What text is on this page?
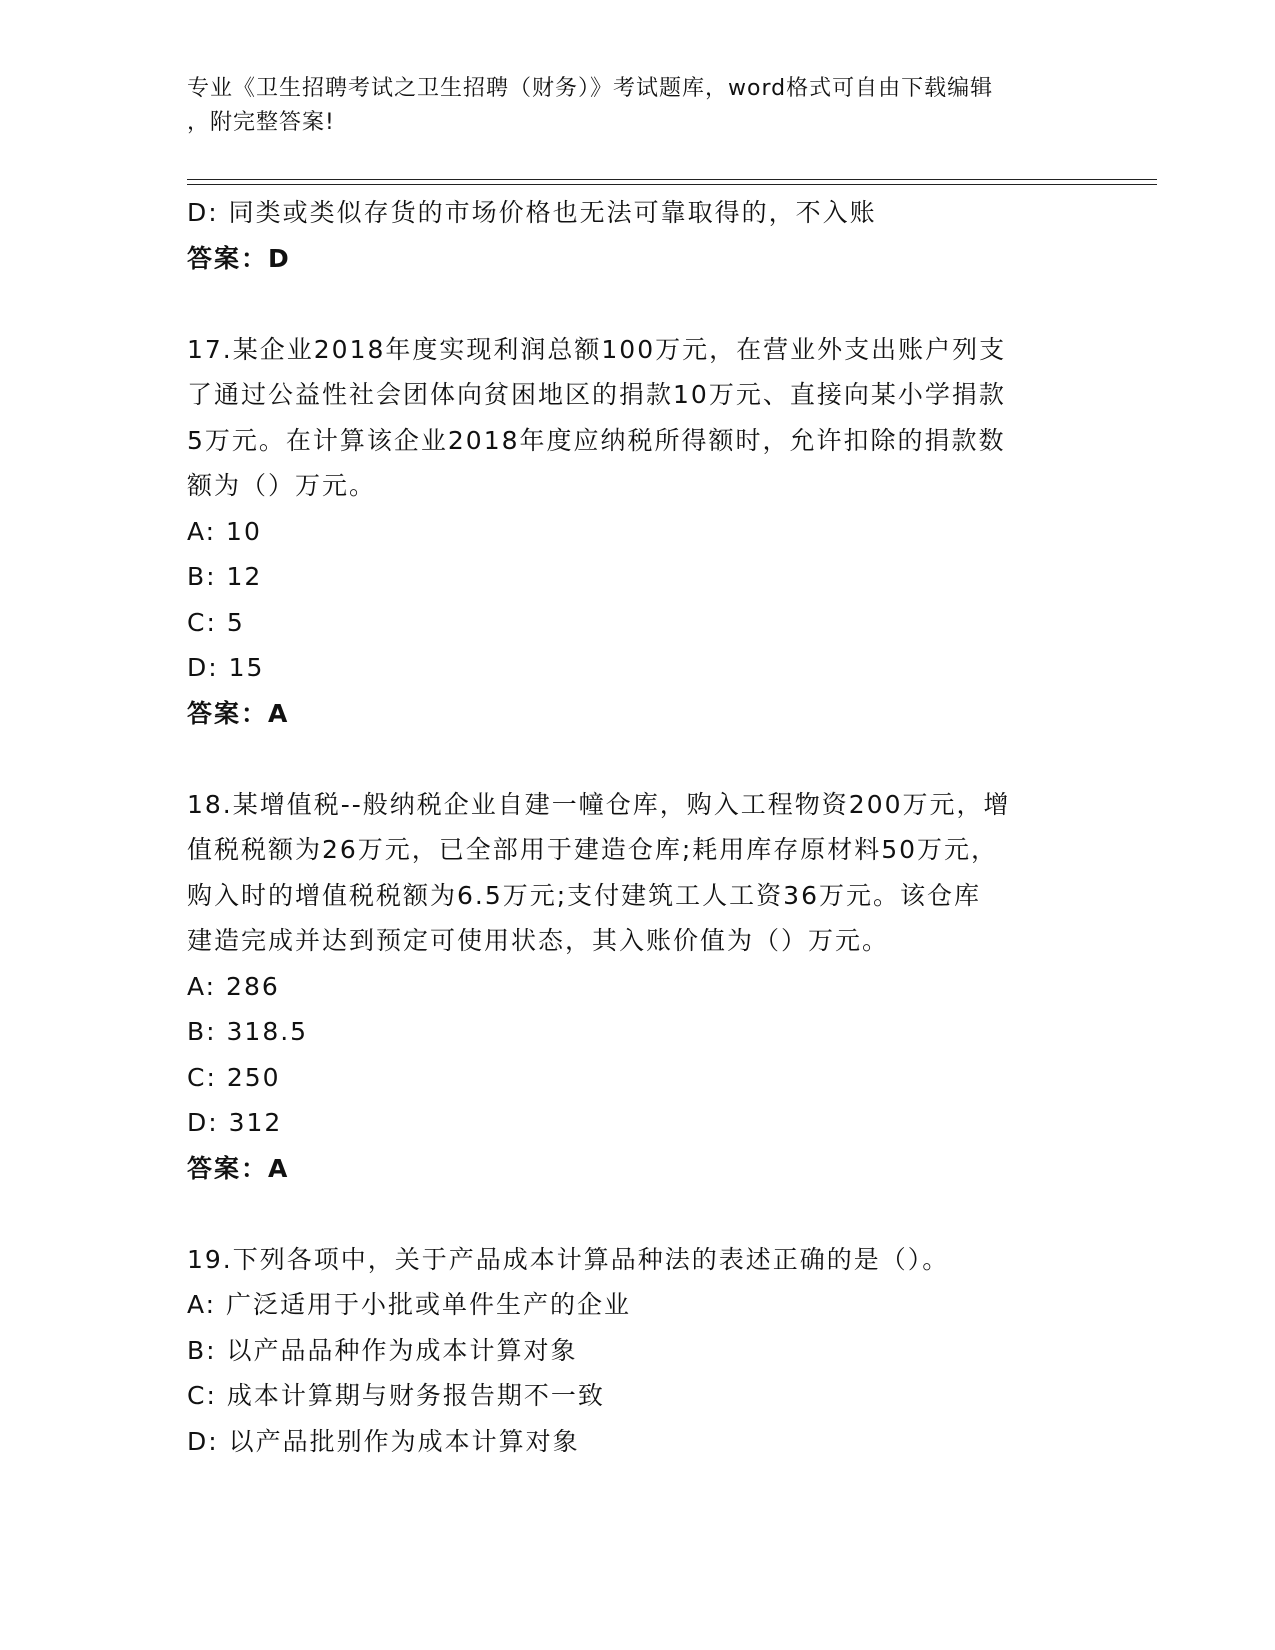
专业《卫生招聘考试之卫生招聘（财务）》考试题库，word格式可自由下载编辑
，附完整答案!
D: 同类或类似存货的市场价格也无法可靠取得的，不入账
答案：D
17.某企业2018年度实现利润总额100万元，在营业外支出账户列支
了通过公益性社会团体向贫困地区的捐款10万元、直接向某小学捐款
5万元。在计算该企业2018年度应纳税所得额时，允许扣除的捐款数
额为（）万元。
A: 10
B: 12
C: 5
D: 15
答案：A
18.某增值税--般纳税企业自建一幢仓库，购入工程物资200万元，增
值税税额为26万元，已全部用于建造仓库;耗用库存原材料50万元，
购入时的增值税税额为6.5万元;支付建筑工人工资36万元。该仓库
建造完成并达到预定可使用状态，其入账价值为（）万元。
A: 286
B: 318.5
C: 250
D: 312
答案：A
19.下列各项中，关于产品成本计算品种法的表述正确的是（）。
A: 广泛适用于小批或单件生产的企业
B: 以产品品种作为成本计算对象
C: 成本计算期与财务报告期不一致
D: 以产品批别作为成本计算对象
